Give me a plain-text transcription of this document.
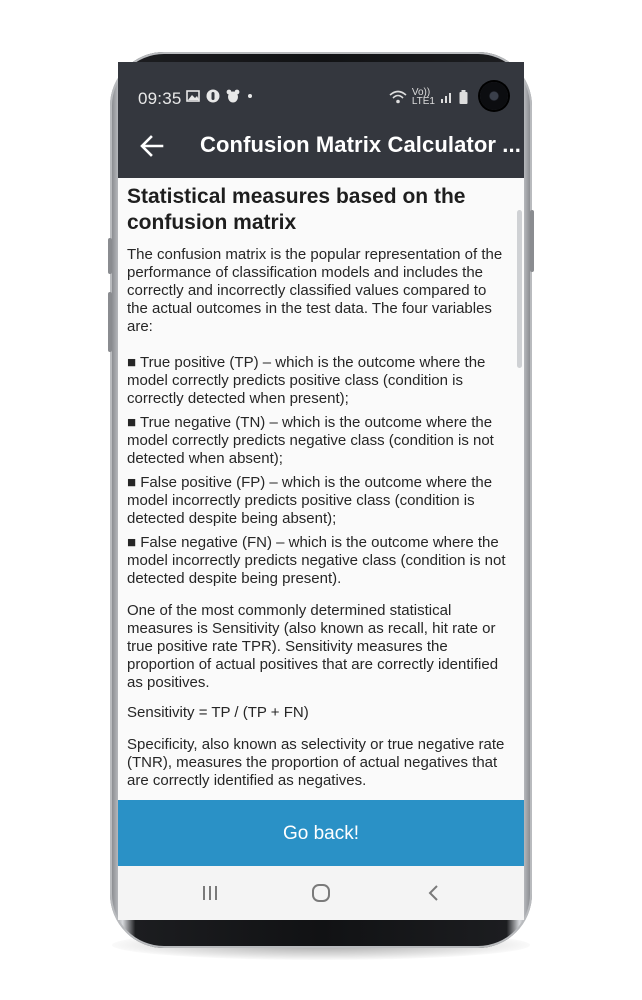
09:35	Vo))
LTE1
Confusion Matrix Calculator ...
Statistical measures based on the confusion matrix

The confusion matrix is the popular representation of the performance of classification models and includes the correctly and incorrectly classified values compared to the actual outcomes in the test data. The four variables are:

■ True positive (TP) – which is the outcome where the model correctly predicts positive class (condition is correctly detected when present);

■ True negative (TN) – which is the outcome where the model correctly predicts negative class (condition is not detected when absent);

■ False positive (FP) – which is the outcome where the model incorrectly predicts positive class (condition is detected despite being absent);

■ False negative (FN) – which is the outcome where the model incorrectly predicts negative class (condition is not detected despite being present).

One of the most commonly determined statistical measures is Sensitivity (also known as recall, hit rate or true positive rate TPR). Sensitivity measures the proportion of actual positives that are correctly identified as positives.

Sensitivity = TP / (TP + FN)

Specificity, also known as selectivity or true negative rate (TNR), measures the proportion of actual negatives that are correctly identified as negatives.

Go back!
